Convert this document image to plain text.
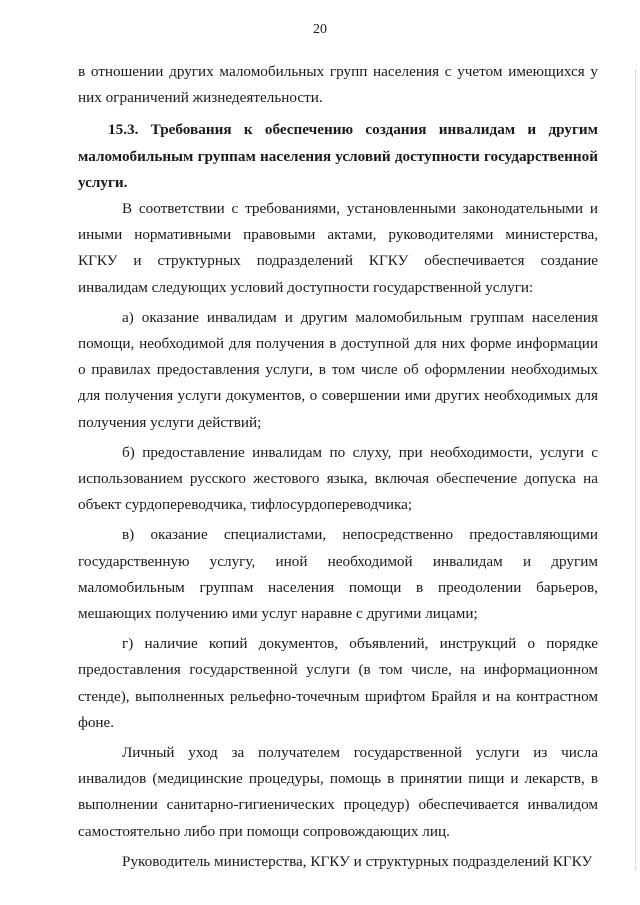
20

в отношении других маломобильных групп населения с учетом имеющихся у них ограничений жизнедеятельности.

15.3. Требования к обеспечению создания инвалидам и другим маломобильным группам населения условий доступности государственной услуги.

В соответствии с требованиями, установленными законодательными и иными нормативными правовыми актами, руководителями министерства, КГКУ и структурных подразделений КГКУ обеспечивается создание инвалидам следующих условий доступности государственной услуги:

а) оказание инвалидам и другим маломобильным группам населения помощи, необходимой для получения в доступной для них форме информации о правилах предоставления услуги, в том числе об оформлении необходимых для получения услуги документов, о совершении ими других необходимых для получения услуги действий;

б) предоставление инвалидам по слуху, при необходимости, услуги с использованием русского жестового языка, включая обеспечение допуска на объект сурдопереводчика, тифлосурдопереводчика;

в) оказание специалистами, непосредственно предоставляющими государственную услугу, иной необходимой инвалидам и другим маломобильным группам населения помощи в преодолении барьеров, мешающих получению ими услуг наравне с другими лицами;

г) наличие копий документов, объявлений, инструкций о порядке предоставления государственной услуги (в том числе, на информационном стенде), выполненных рельефно-точечным шрифтом Брайля и на контрастном фоне.

Личный уход за получателем государственной услуги из числа инвалидов (медицинские процедуры, помощь в принятии пищи и лекарств, в выполнении санитарно-гигиенических процедур) обеспечивается инвалидом самостоятельно либо при помощи сопровождающих лиц.

Руководитель министерства, КГКУ и структурных подразделений КГКУ
